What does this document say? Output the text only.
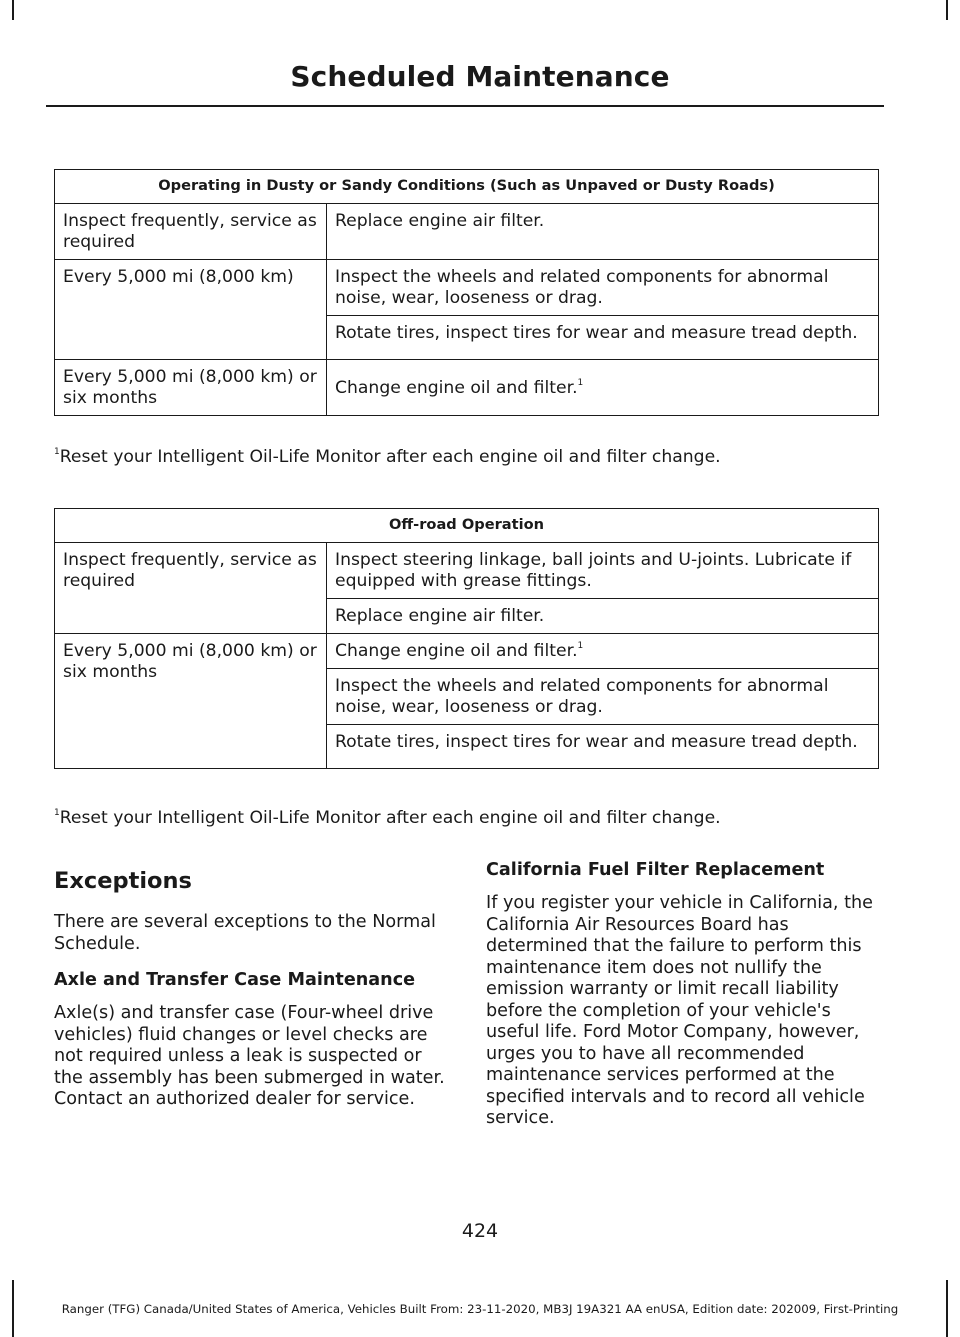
Scheduled Maintenance
Operating in Dusty or Sandy Conditions (Such as Unpaved or Dusty Roads)	
Inspect frequently, service as required	Replace engine air filter.
Every 5,000 mi (8,000 km)	Inspect the wheels and related components for abnormal noise, wear, looseness or drag.
	Rotate tires, inspect tires for wear and measure tread depth.
Every 5,000 mi (8,000 km) or six months	Change engine oil and filter.$^1$
$^1$Reset your Intelligent Oil-Life Monitor after each engine oil and filter change.
Off-road Operation	
Inspect frequently, service as required	Inspect steering linkage, ball joints and U-joints. Lubricate if equipped with grease fittings.
	Replace engine air filter.
Every 5,000 mi (8,000 km) or six months	Change engine oil and filter.$^1$
	Inspect the wheels and related components for abnormal noise, wear, looseness or drag.
	Rotate tires, inspect tires for wear and measure tread depth.
$^1$Reset your Intelligent Oil-Life Monitor after each engine oil and filter change.
Exceptions

There are several exceptions to the Normal Schedule.

Axle and Transfer Case Maintenance

Axle(s) and transfer case (Four-wheel drive vehicles) fluid changes or level checks are not required unless a leak is suspected or the assembly has been submerged in water. Contact an authorized dealer for service.

California Fuel Filter Replacement

If you register your vehicle in California, the California Air Resources Board has determined that the failure to perform this maintenance item does not nullify the emission warranty or limit recall liability before the completion of your vehicle's useful life. Ford Motor Company, however, urges you to have all recommended maintenance services performed at the specified intervals and to record all vehicle service.

424
Ranger (TFG) Canada/United States of America, Vehicles Built From: 23-11-2020, MB3J 19A321 AA enUSA, Edition date: 202009, First-Printing
